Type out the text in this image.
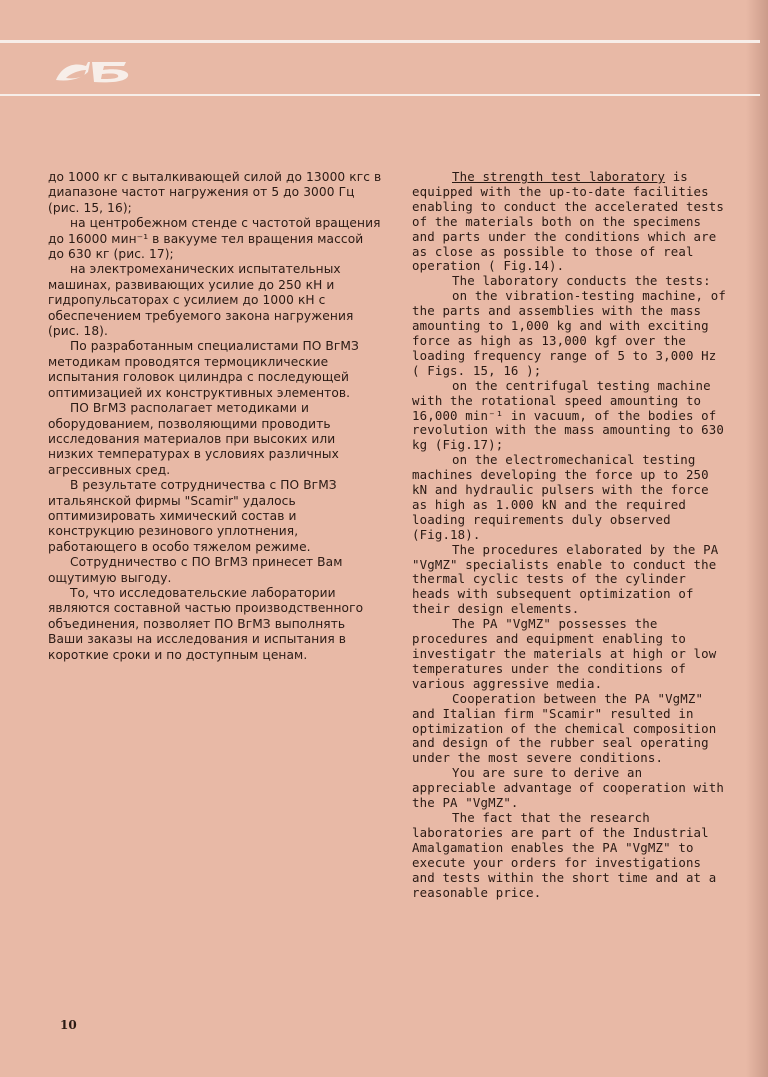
до 1000 кг с выталкивающей силой до 13000 кгс в диапазоне частот нагружения от 5 до 3000 Гц (рис. 15, 16);

на центробежном стенде с частотой вращения до 16000 мин⁻¹ в вакууме тел вращения массой до 630 кг (рис. 17);

на электромеханических испытательных машинах, развивающих усилие до 250 кН и гидропульсаторах с усилием до 1000 кН с обеспечением требуемого закона нагружения (рис. 18).

По разработанным специалистами ПО ВгМЗ методикам проводятся термоциклические испытания головок цилиндра с последующей оптимизацией их конструктивных элементов.

ПО ВгМЗ располагает методиками и оборудованием, позволяющими проводить исследования материалов при высоких или низких температурах в условиях различных агрессивных сред.

В результате сотрудничества с ПО ВгМЗ итальянской фирмы "Scamir" удалось оптимизировать химический состав и конструкцию резинового уплотнения, работающего в особо тяжелом режиме.

Сотрудничество с ПО ВгМЗ принесет Вам ощутимую выгоду.

То, что исследовательские лаборатории являются составной частью производственного объединения, позволяет ПО ВгМЗ выполнять Ваши заказы на исследования и испытания в короткие сроки и по доступным ценам.

The strength test laboratory is equipped with the up-to-date facilities enabling to conduct the accelerated tests of the materials both on the specimens and parts under the conditions which are as close as possible to those of real operation ( Fig.14).

The laboratory conducts the tests:

on the vibration-testing machine, of the parts and assemblies with the mass amounting to 1,000 kg and with exciting force as high as 13,000 kgf over the loading frequency range of 5 to 3,000 Hz ( Figs. 15, 16 );

on the centrifugal testing machine with the rotational speed amounting to 16,000 min⁻¹ in vacuum, of the bodies of revolution with the mass amounting to 630 kg (Fig.17);

on the electromechanical testing machines developing the force up to 250 kN and hydraulic pulsers with the force as high as 1.000 kN and the required loading requirements duly observed (Fig.18).

The procedures elaborated by the PA "VgMZ" specialists enable to conduct the thermal cyclic tests of the cylinder heads with subsequent optimization of their design elements.

The PA "VgMZ" possesses the procedures and equipment enabling to investigatr the materials at high or low temperatures under the conditions of various aggressive media.

Cooperation between the PA "VgMZ" and Italian firm "Scamir" resulted in optimization of the chemical composition and design of the rubber seal operating under the most severe conditions.

You are sure to derive an appreciable advantage of cooperation with the PA "VgMZ".

The fact that the research laboratories are part of the Industrial Amalgamation enables the PA "VgMZ" to execute your orders for investigations and tests within the short time and at a reasonable price.

10
